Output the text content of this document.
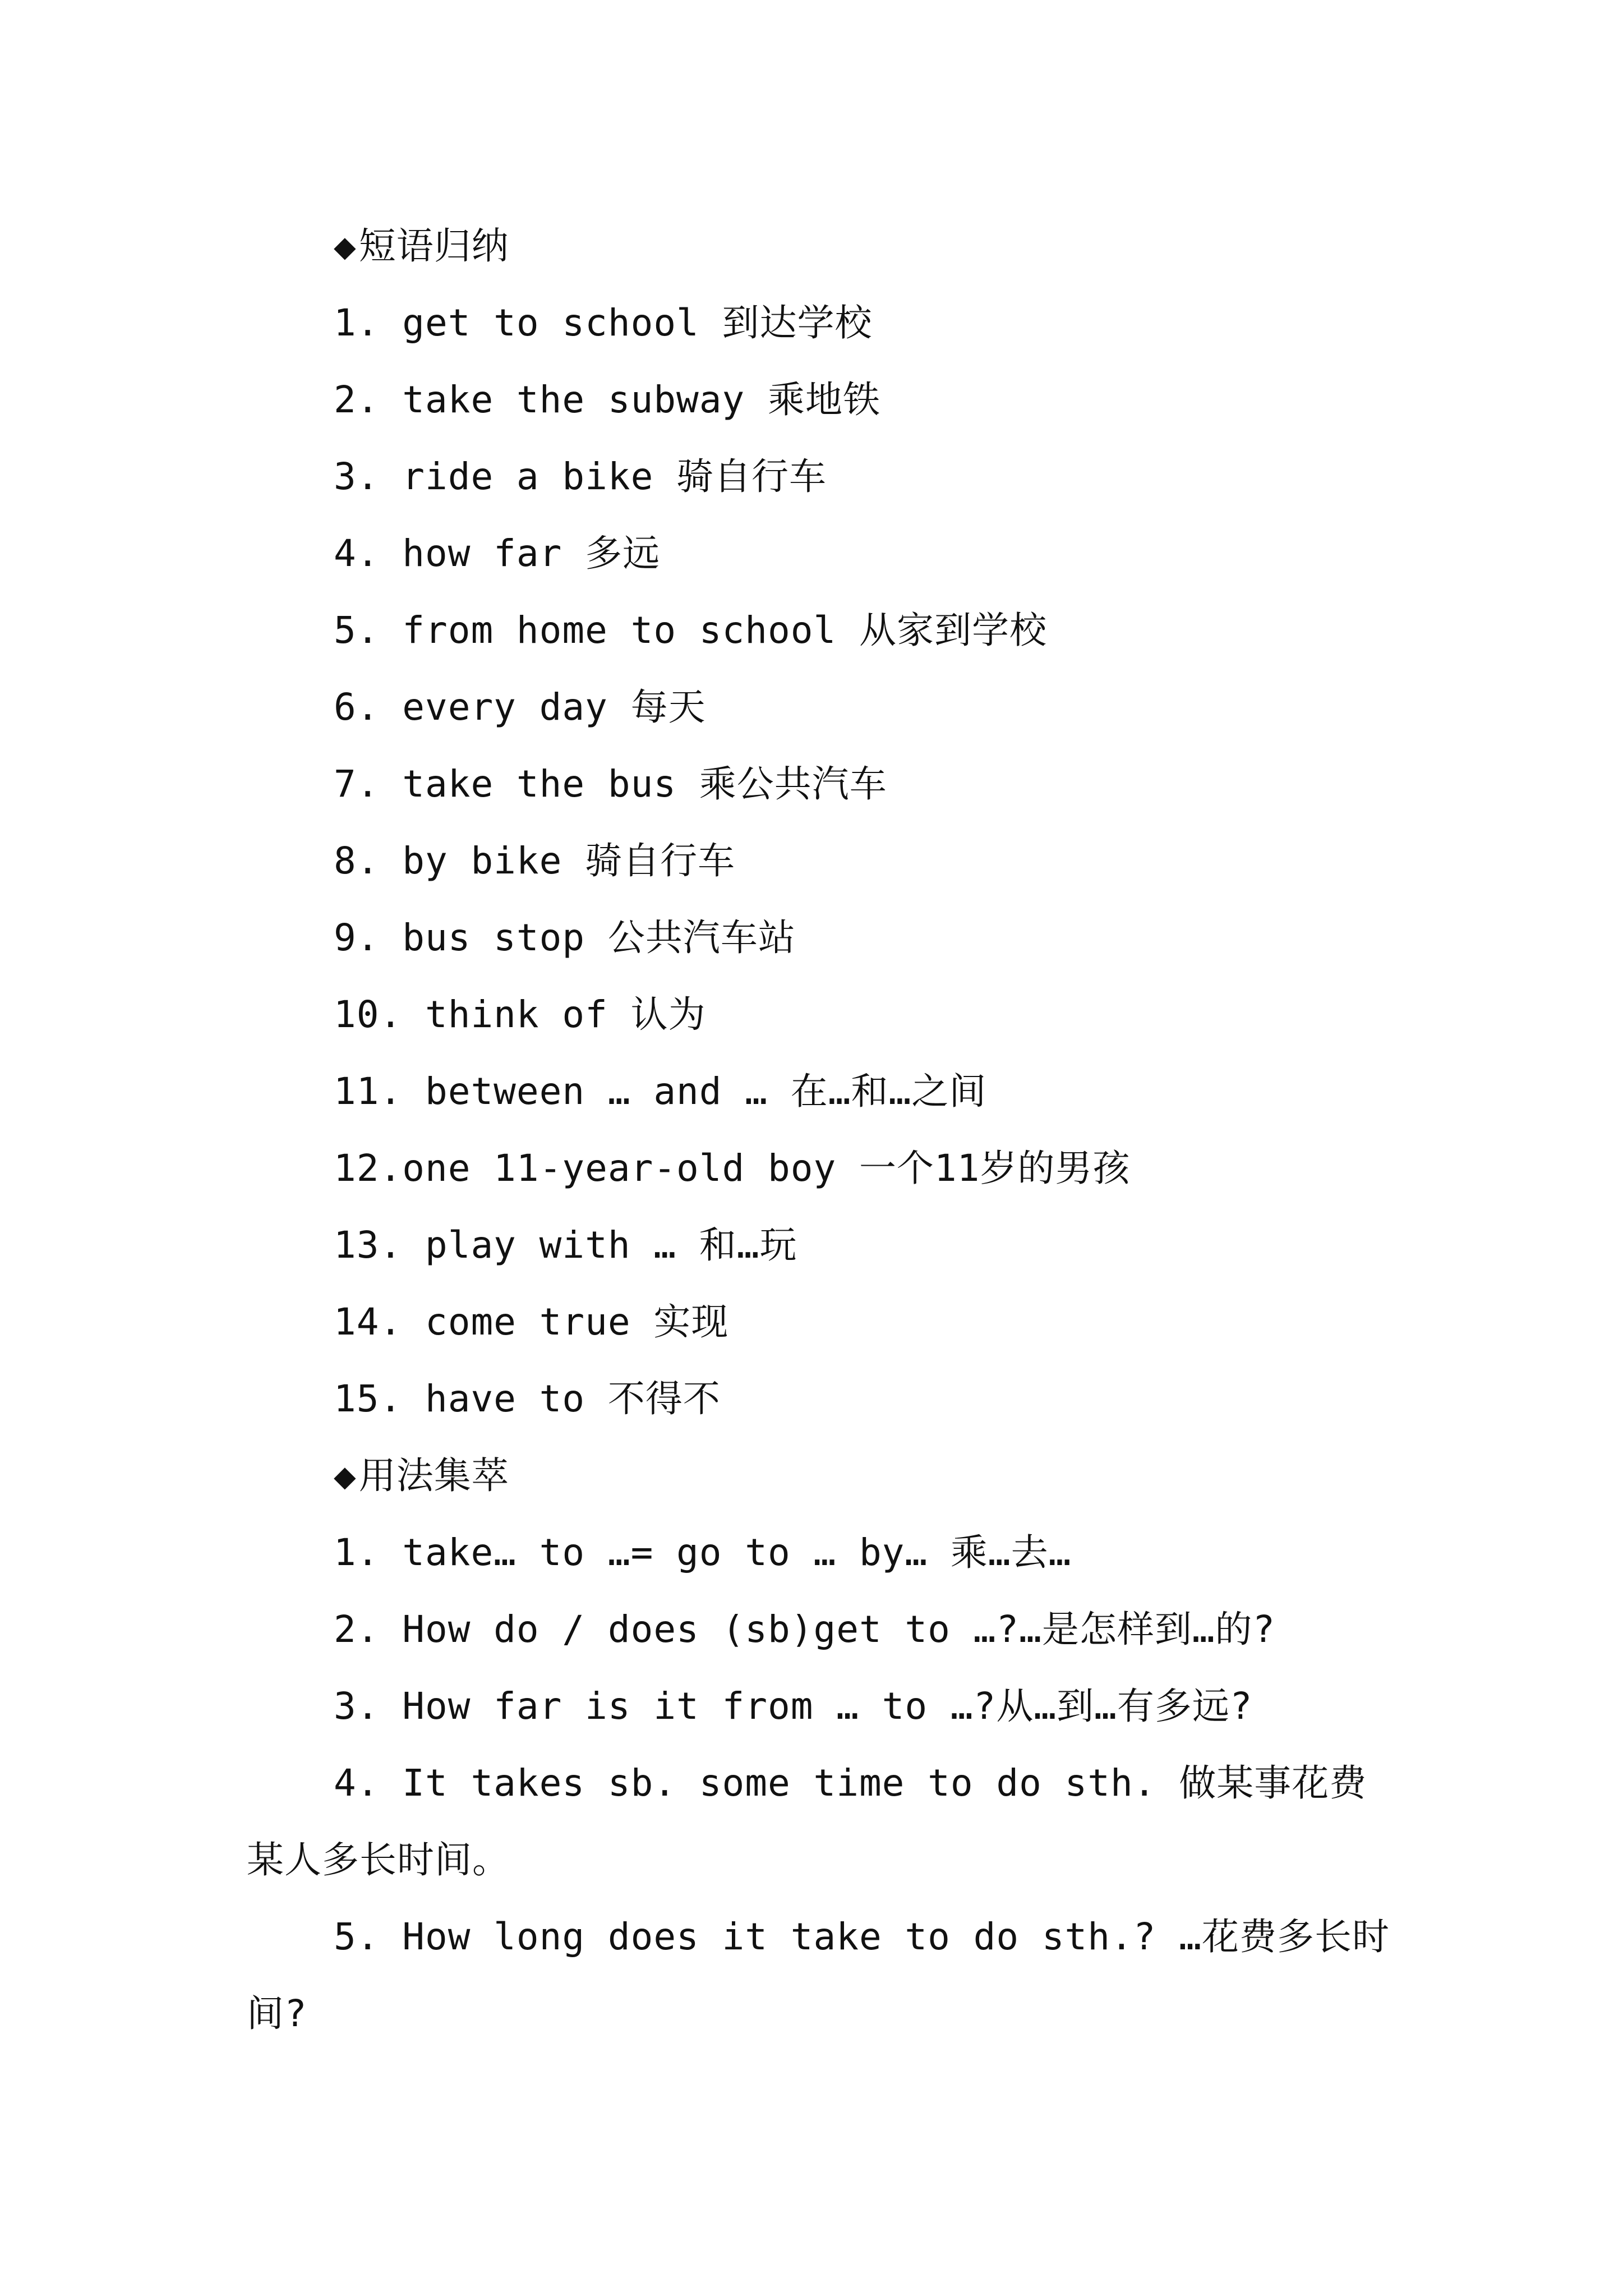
◆短语归纳
1. get to school 到达学校
2. take the subway 乘地铁
3. ride a bike 骑自行车
4. how far 多远
5. from home to school 从家到学校
6. every day 每天
7. take the bus 乘公共汽车
8. by bike 骑自行车
9. bus stop 公共汽车站
10. think of 认为
11. between … and … 在…和…之间
12.one 11-year-old boy 一个11岁的男孩
13. play with … 和…玩
14. come true 实现
15. have to 不得不
◆用法集萃
1. take… to …= go to … by… 乘…去…
2. How do / does (sb)get to …?…是怎样到…的?
3. How far is it from … to …?从…到…有多远?
4. It takes sb. some time to do sth. 做某事花费某人多长时间。
5. How long does it take to do sth.? …花费多长时间?
